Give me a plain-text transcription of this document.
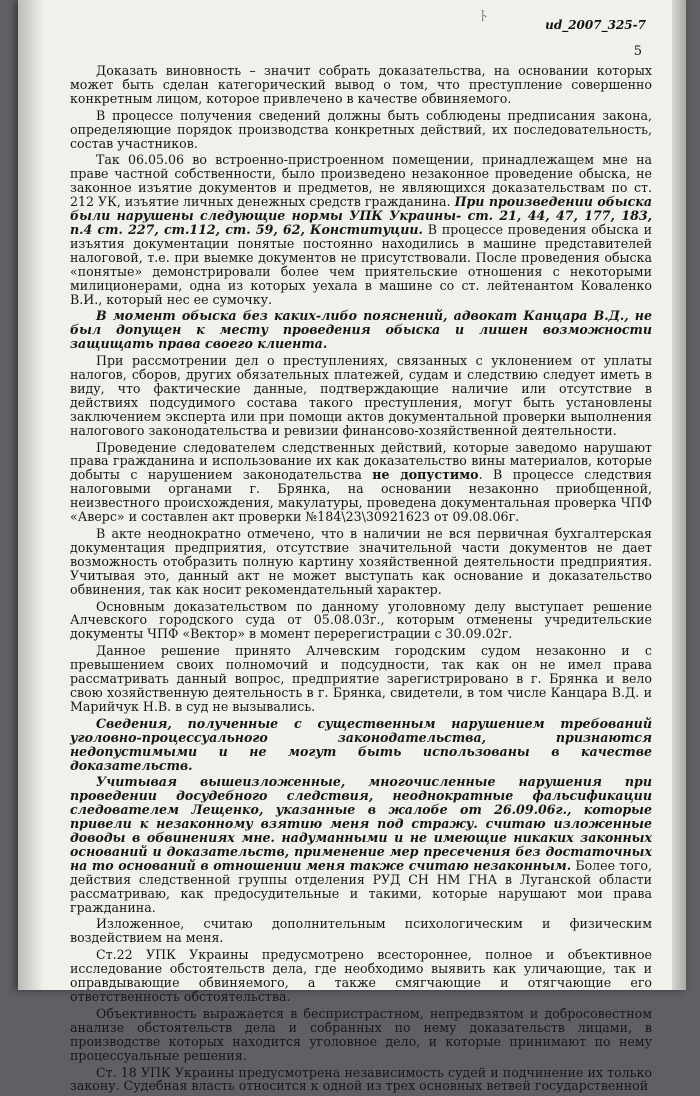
ﾄ	ud_2007_325-7
5

Доказать виновность – значит собрать доказательства, на основании которых может быть сделан категорический вывод о том, что преступление совершенно конкретным лицом, которое привлечено в качестве обвиняемого.

В процессе получения сведений должны быть соблюдены предписания закона, определяющие порядок производства конкретных действий, их последовательность, состав участников.

Так 06.05.06 во встроенно-пристроенном помещении, принадлежащем мне на праве частной собственности, было произведено незаконное проведение обыска, не законное изъятие документов и предметов, не являющихся доказательствам по ст. 212 УК, изъятие личных денежных средств гражданина. При произведении обыска были нарушены следующие нормы УПК Украины- ст. 21, 44, 47, 177, 183, п.4 ст. 227, ст.112, ст. 59, 62, Конституции. В процессе проведения обыска и изъятия документации понятые постоянно находились в машине представителей налоговой, т.е. при выемке документов не присутствовали. После проведения обыска «понятые» демонстрировали более чем приятельские отношения с некоторыми милиционерами, одна из которых уехала в машине со ст. лейтенантом Коваленко В.И., который нес ее сумочку.

В момент обыска без каких-либо пояснений, адвокат Канцара В.Д., не был допущен к месту проведения обыска и лишен возможности защищать права своего клиента.

При рассмотрении дел о преступлениях, связанных с уклонением от уплаты налогов, сборов, других обязательных платежей, судам и следствию следует иметь в виду, что фактические данные, подтверждающие наличие или отсутствие в действиях подсудимого состава такого преступления, могут быть установлены заключением эксперта или при помощи актов документальной проверки выполнения налогового законодательства и ревизии финансово-хозяйственной деятельности.

Проведение следователем следственных действий, которые заведомо нарушают права гражданина и использование их как доказательство вины материалов, которые добыты с нарушением законодательства не допустимо. В процессе следствия налоговыми органами г. Брянка, на основании незаконно приобщенной, неизвестного происхождения, макулатуры, проведена документальная проверка ЧПФ «Аверс» и составлен акт проверки №184\23\30921623 от 09.08.06г.

В акте неоднократно отмечено, что в наличии не вся первичная бухгалтерская документация предприятия, отсутствие значительной части документов не дает возможность отобразить полную картину хозяйственной деятельности предприятия. Учитывая это, данный акт не может выступать как основание и доказательство обвинения, так как носит рекомендательный характер.

Основным доказательством по данному уголовному делу выступает решение Алчевского городского суда от 05.08.03г., которым отменены учредительские документы ЧПФ «Вектор» в момент перерегистрации с 30.09.02г.

Данное решение принято Алчевским городским судом незаконно и с превышением своих полномочий и подсудности, так как он не имел права рассматривать данный вопрос, предприятие зарегистрировано в г. Брянка и вело свою хозяйственную деятельность в г. Брянка, свидетели, в том числе Канцара В.Д. и Марийчук Н.В. в суд не вызывались.

Сведения, полученные с существенным нарушением требований уголовно-процессуального законодательства, признаются недопустимыми и не могут быть использованы в качестве доказательств.

Учитывая вышеизложенные, многочисленные нарушения при проведении досудебного следствия, неоднократные фальсификации следователем Лещенко, указанные в жалобе от 26.09.06г., которые привели к незаконному взятию меня под стражу. считаю изложенные доводы в обвинениях мне. надуманными и не имеющие никаких законных оснований и доказательств, применение мер пресечения без достаточных на то оснований в отношении меня также считаю незаконным. Более того, действия следственной группы отделения РУД СН НМ ГНА в Луганской области рассматриваю, как предосудительные и такими, которые нарушают мои права гражданина.

Изложенное, считаю дополнительным психологическим и физическим воздействием на меня.

Ст.22 УПК Украины предусмотрено всестороннее, полное и объективное исследование обстоятельств дела, где необходимо выявить как уличающие, так и оправдывающие обвиняемого, а также смягчающие и отягчающие его ответственность обстоятельства.

Объективность выражается в беспристрастном, непредвзятом и добросовестном анализе обстоятельств дела и собранных по нему доказательств лицами, в производстве которых находится уголовное дело, и которые принимают по нему процессуальные решения.

Ст. 18 УПК Украины предусмотрена независимость судей и подчинение их только закону. Судебная власть относится к одной из трех основных ветвей государственной
